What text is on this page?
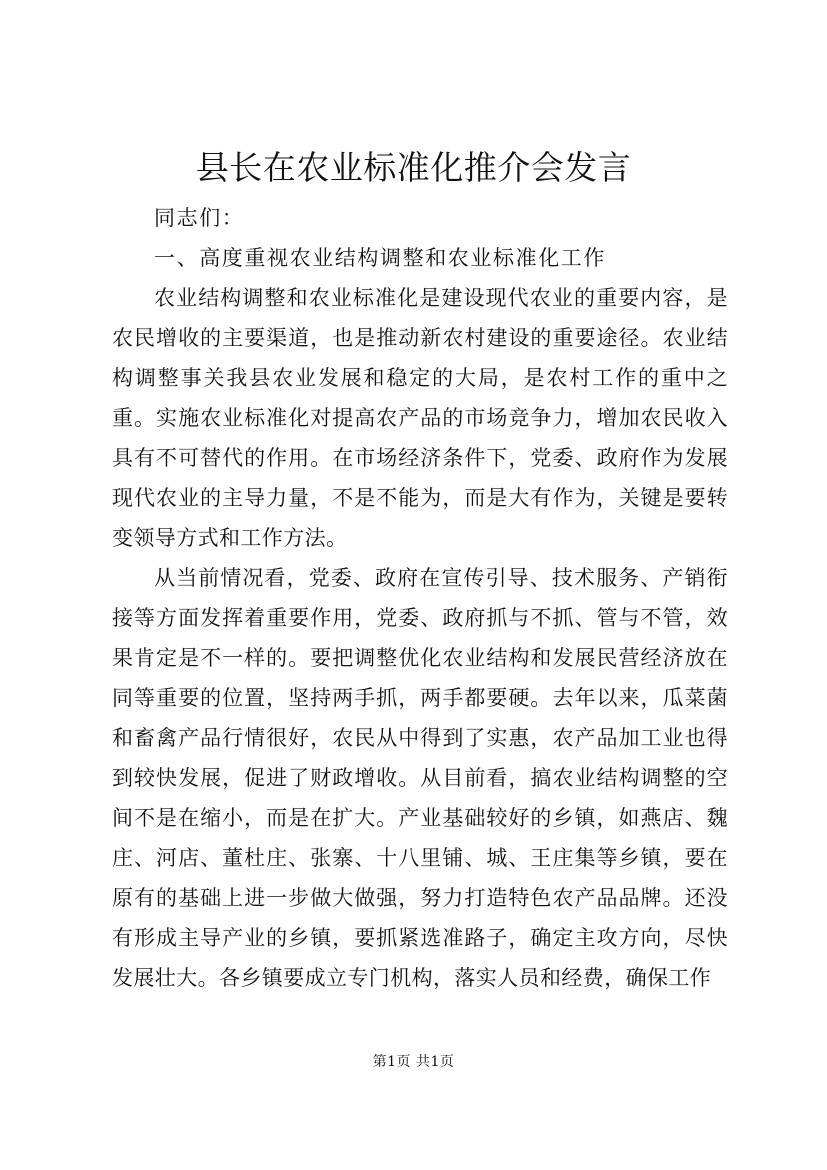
县长在农业标准化推介会发言

同志们：

一、高度重视农业结构调整和农业标准化工作

农业结构调整和农业标准化是建设现代农业的重要内容，是农民增收的主要渠道，也是推动新农村建设的重要途径。农业结构调整事关我县农业发展和稳定的大局，是农村工作的重中之重。实施农业标准化对提高农产品的市场竞争力，增加农民收入具有不可替代的作用。在市场经济条件下，党委、政府作为发展现代农业的主导力量，不是不能为，而是大有作为，关键是要转变领导方式和工作方法。

从当前情况看，党委、政府在宣传引导、技术服务、产销衔接等方面发挥着重要作用，党委、政府抓与不抓、管与不管，效果肯定是不一样的。要把调整优化农业结构和发展民营经济放在同等重要的位置，坚持两手抓，两手都要硬。去年以来，瓜菜菌和畜禽产品行情很好，农民从中得到了实惠，农产品加工业也得到较快发展，促进了财政增收。从目前看，搞农业结构调整的空间不是在缩小，而是在扩大。产业基础较好的乡镇，如燕店、魏庄、河店、董杜庄、张寨、十八里铺、城、王庄集等乡镇，要在原有的基础上进一步做大做强，努力打造特色农产品品牌。还没有形成主导产业的乡镇，要抓紧选准路子，确定主攻方向，尽快发展壮大。各乡镇要成立专门机构，落实人员和经费，确保工作

第1页 共1页
